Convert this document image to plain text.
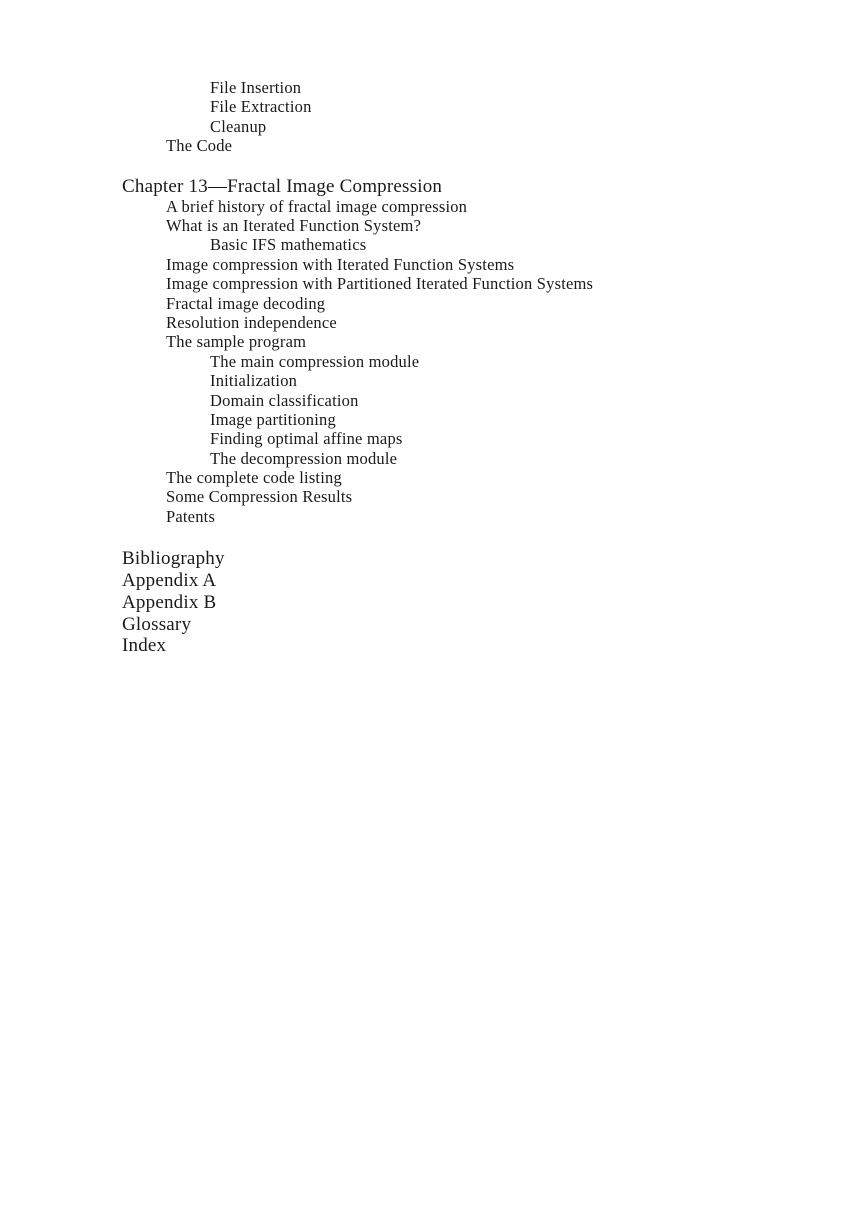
File Insertion
File Extraction
Cleanup
The Code
Chapter 13—Fractal Image Compression
A brief history of fractal image compression
What is an Iterated Function System?
Basic IFS mathematics
Image compression with Iterated Function Systems
Image compression with Partitioned Iterated Function Systems
Fractal image decoding
Resolution independence
The sample program
The main compression module
Initialization
Domain classification
Image partitioning
Finding optimal affine maps
The decompression module
The complete code listing
Some Compression Results
Patents
Bibliography
Appendix A
Appendix B
Glossary
Index
